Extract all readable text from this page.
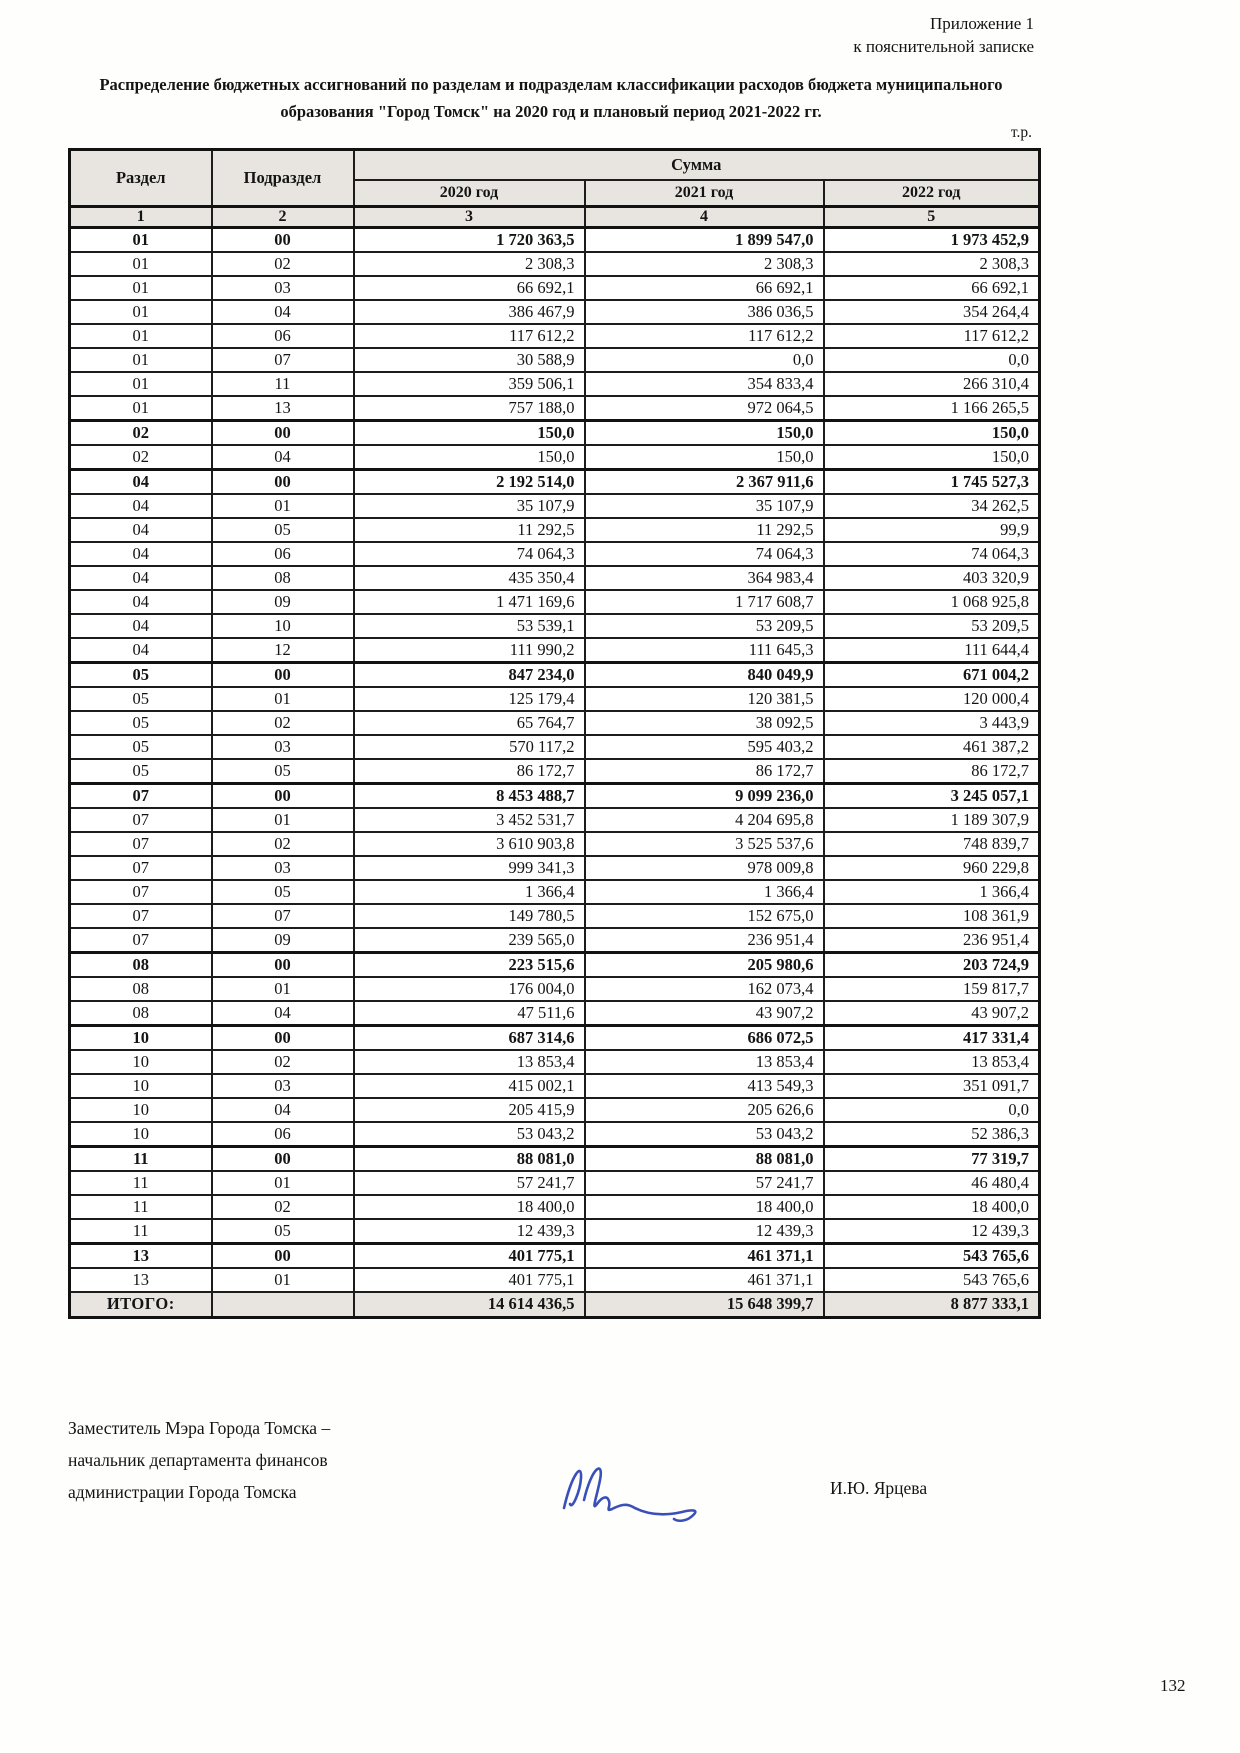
Приложение 1
к пояснительной записке
Распределение бюджетных ассигнований по разделам и подразделам классификации расходов бюджета муниципального образования "Город Томск" на 2020 год и плановый период 2021-2022 гг.
т.р.
Раздел	Подраздел	Сумма		
		2020 год	2021 год	2022 год
1	2	3	4	5
01	00	1 720 363,5	1 899 547,0	1 973 452,9
01	02	2 308,3	2 308,3	2 308,3
01	03	66 692,1	66 692,1	66 692,1
01	04	386 467,9	386 036,5	354 264,4
01	06	117 612,2	117 612,2	117 612,2
01	07	30 588,9	0,0	0,0
01	11	359 506,1	354 833,4	266 310,4
01	13	757 188,0	972 064,5	1 166 265,5
02	00	150,0	150,0	150,0
02	04	150,0	150,0	150,0
04	00	2 192 514,0	2 367 911,6	1 745 527,3
04	01	35 107,9	35 107,9	34 262,5
04	05	11 292,5	11 292,5	99,9
04	06	74 064,3	74 064,3	74 064,3
04	08	435 350,4	364 983,4	403 320,9
04	09	1 471 169,6	1 717 608,7	1 068 925,8
04	10	53 539,1	53 209,5	53 209,5
04	12	111 990,2	111 645,3	111 644,4
05	00	847 234,0	840 049,9	671 004,2
05	01	125 179,4	120 381,5	120 000,4
05	02	65 764,7	38 092,5	3 443,9
05	03	570 117,2	595 403,2	461 387,2
05	05	86 172,7	86 172,7	86 172,7
07	00	8 453 488,7	9 099 236,0	3 245 057,1
07	01	3 452 531,7	4 204 695,8	1 189 307,9
07	02	3 610 903,8	3 525 537,6	748 839,7
07	03	999 341,3	978 009,8	960 229,8
07	05	1 366,4	1 366,4	1 366,4
07	07	149 780,5	152 675,0	108 361,9
07	09	239 565,0	236 951,4	236 951,4
08	00	223 515,6	205 980,6	203 724,9
08	01	176 004,0	162 073,4	159 817,7
08	04	47 511,6	43 907,2	43 907,2
10	00	687 314,6	686 072,5	417 331,4
10	02	13 853,4	13 853,4	13 853,4
10	03	415 002,1	413 549,3	351 091,7
10	04	205 415,9	205 626,6	0,0
10	06	53 043,2	53 043,2	52 386,3
11	00	88 081,0	88 081,0	77 319,7
11	01	57 241,7	57 241,7	46 480,4
11	02	18 400,0	18 400,0	18 400,0
11	05	12 439,3	12 439,3	12 439,3
13	00	401 775,1	461 371,1	543 765,6
13	01	401 775,1	461 371,1	543 765,6
ИТОГО:		14 614 436,5	15 648 399,7	8 877 333,1
Заместитель Мэра Города Томска –
начальник департамента финансов
администрации Города Томска	И.Ю. Ярцева
132
